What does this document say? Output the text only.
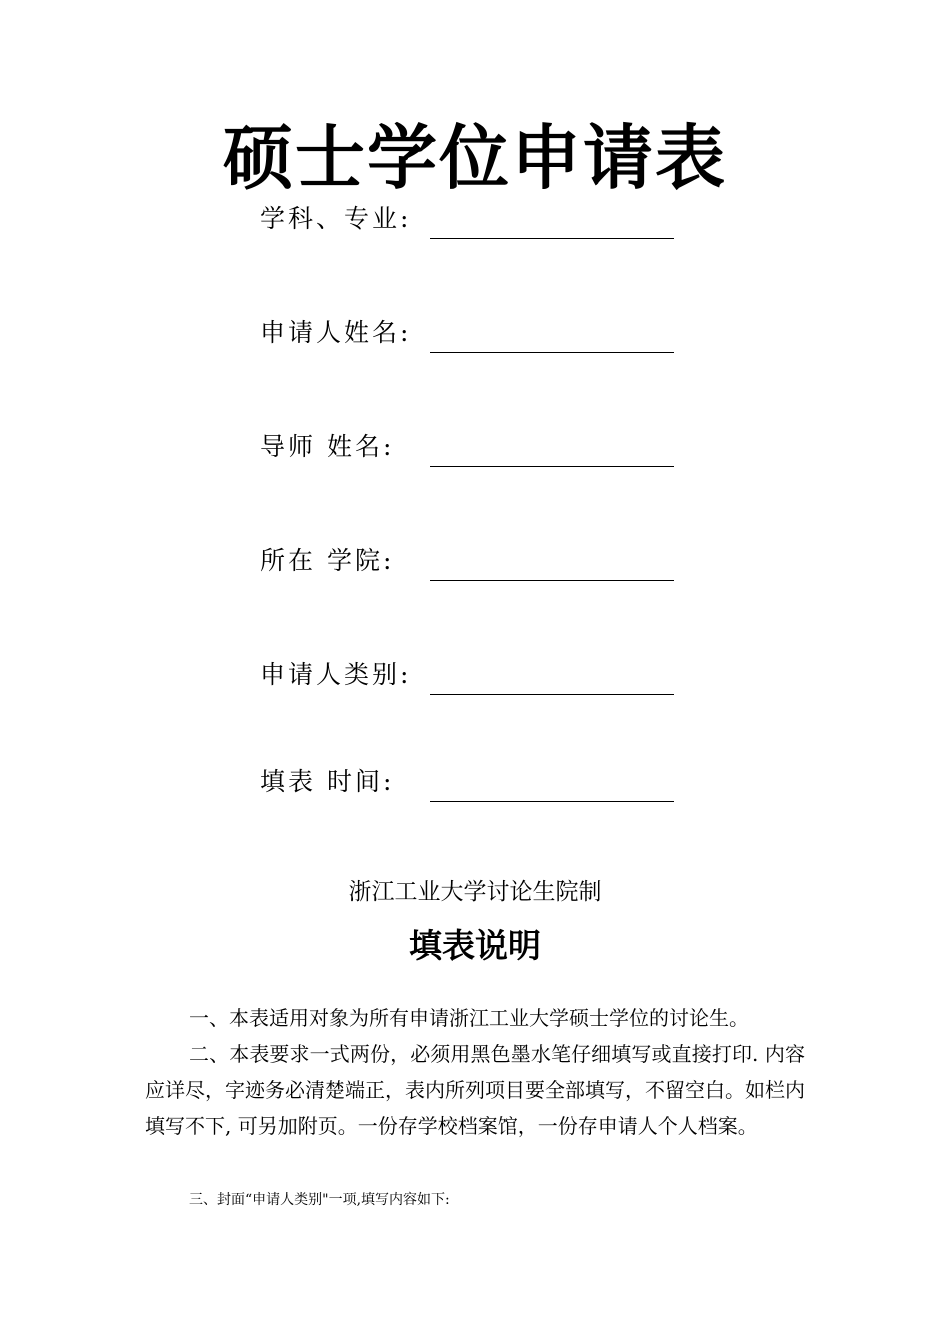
硕士学位申请表
学科、专业:
申请人姓名:
导师 姓名:
所在 学院:
申请人类别:
填表 时间:
浙江工业大学讨论生院制
填表说明

一、本表适用对象为所有申请浙江工业大学硕士学位的讨论生。

二、本表要求一式两份，必须用黑色墨水笔仔细填写或直接打印. 内容应详尽，字迹务必清楚端正，表内所列项目要全部填写，不留空白。如栏内填写不下, 可另加附页。一份存学校档案馆，一份存申请人个人档案。

三、封面“申请人类别"一项,填写内容如下:
